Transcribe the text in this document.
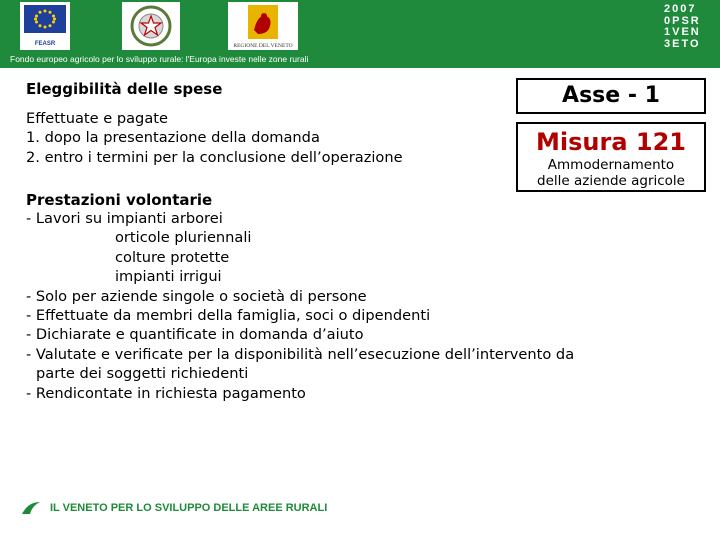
FEASR	REGIONE DEL VENETO
Fondo europeo agricolo per lo sviluppo rurale: l'Europa investe nelle zone rurali
2007
0PSR
1VEN
3ETO
Eleggibilità delle spese
Effettuate e pagate
1. dopo la presentazione della domanda
2. entro i termini per la conclusione dell’operazione
Asse - 1
Misura 121
Ammodernamento
delle aziende agricole
Prestazioni volontarie
- Lavori su impianti arborei
orticole pluriennali
colture protette
impianti irrigui
- Solo per aziende singole o società di persone
- Effettuate da membri della famiglia, soci o dipendenti
- Dichiarate e quantificate in domanda d’aiuto
- Valutate e verificate per la disponibilità nell’esecuzione dell’intervento da
parte dei soggetti richiedenti
- Rendicontate in richiesta pagamento
IL VENETO PER LO SVILUPPO DELLE AREE RURALI
